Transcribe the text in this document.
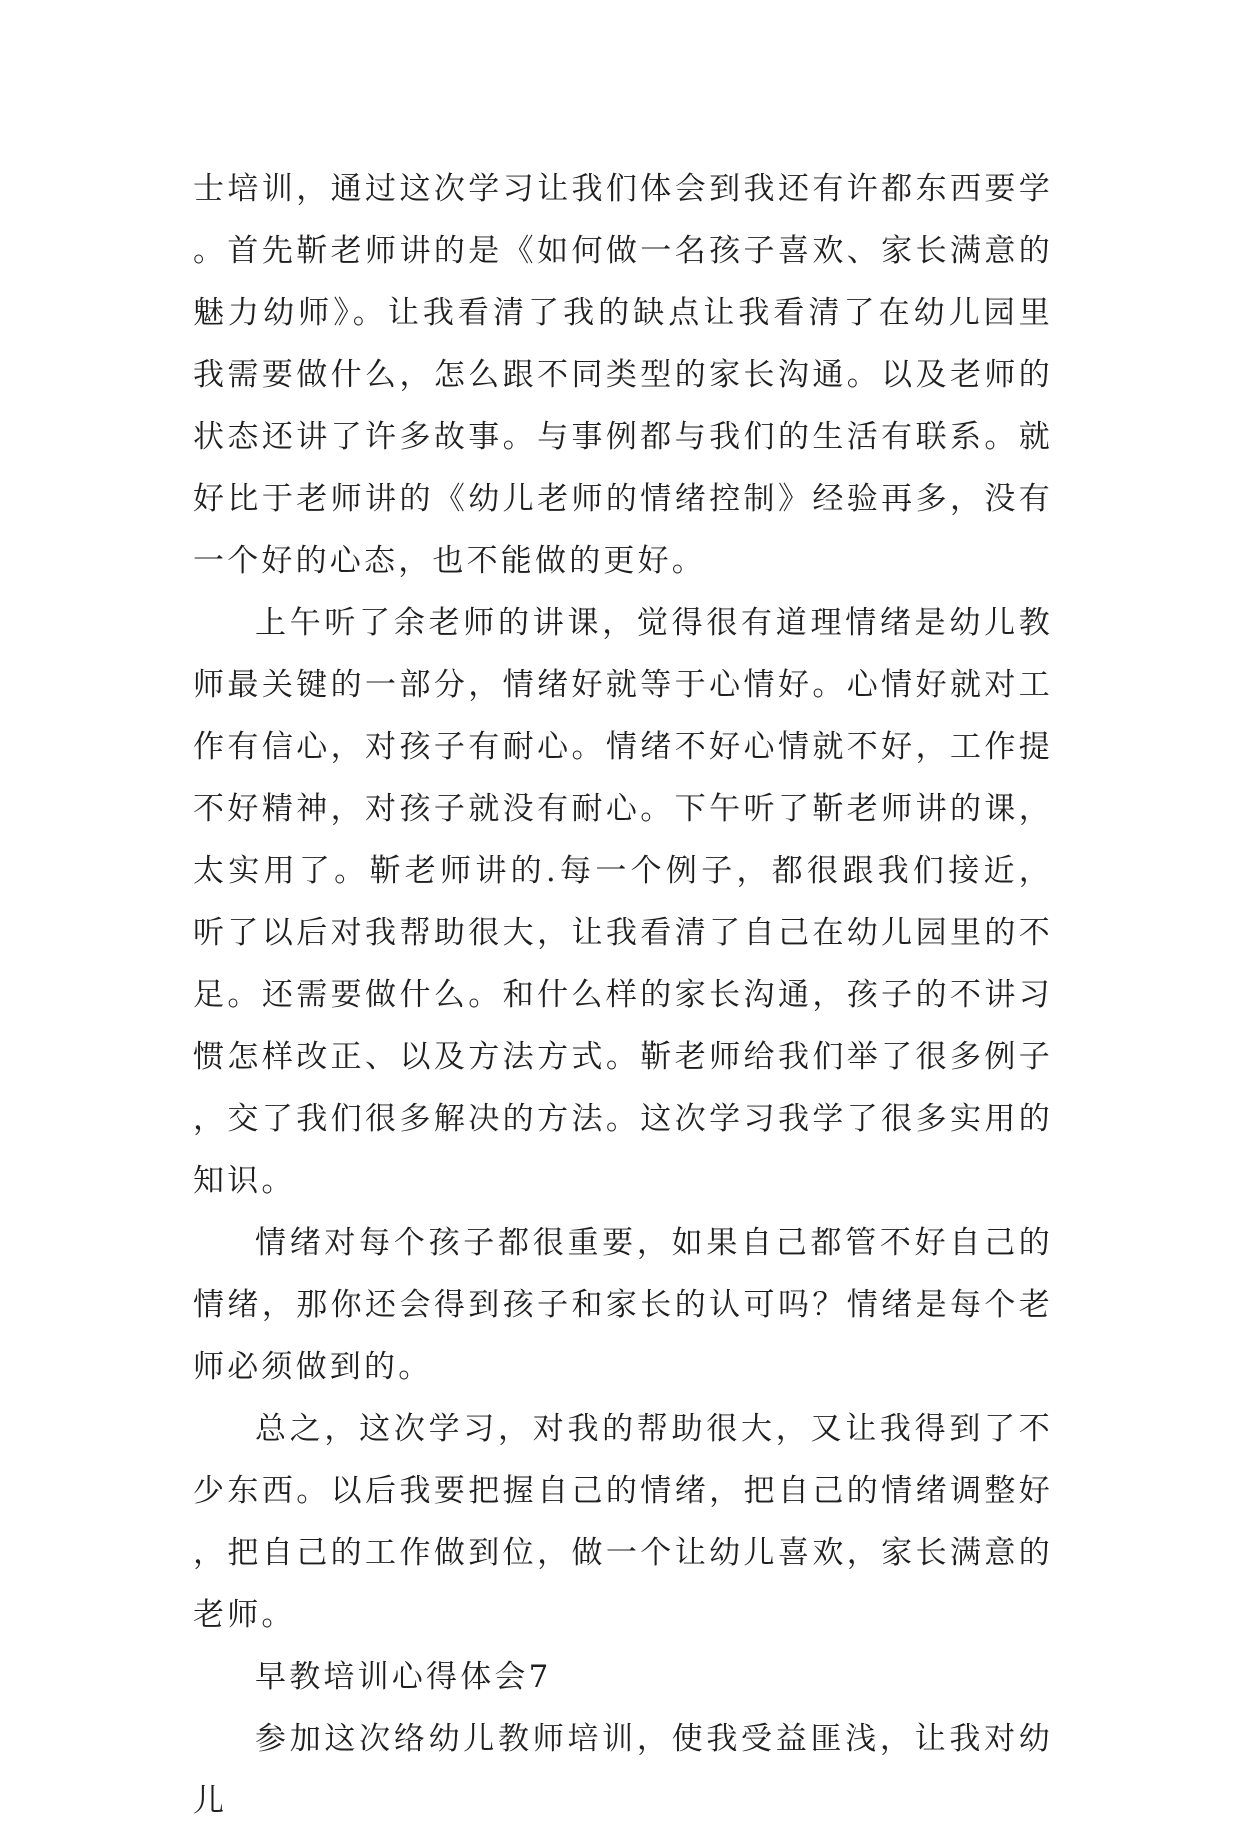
士培训，通过这次学习让我们体会到我还有许都东西要学。首先靳老师讲的是《如何做一名孩子喜欢、家长满意的魅力幼师》。让我看清了我的缺点让我看清了在幼儿园里我需要做什么，怎么跟不同类型的家长沟通。以及老师的状态还讲了许多故事。与事例都与我们的生活有联系。就好比于老师讲的《幼儿老师的情绪控制》经验再多，没有一个好的心态，也不能做的更好。

上午听了余老师的讲课，觉得很有道理情绪是幼儿教师最关键的一部分，情绪好就等于心情好。心情好就对工作有信心，对孩子有耐心。情绪不好心情就不好，工作提不好精神，对孩子就没有耐心。下午听了靳老师讲的课，太实用了。靳老师讲的.每一个例子，都很跟我们接近，听了以后对我帮助很大，让我看清了自己在幼儿园里的不足。还需要做什么。和什么样的家长沟通，孩子的不讲习惯怎样改正、以及方法方式。靳老师给我们举了很多例子，交了我们很多解决的方法。这次学习我学了很多实用的知识。

情绪对每个孩子都很重要，如果自己都管不好自己的情绪，那你还会得到孩子和家长的认可吗？情绪是每个老师必须做到的。

总之，这次学习，对我的帮助很大，又让我得到了不少东西。以后我要把握自己的情绪，把自己的情绪调整好，把自己的工作做到位，做一个让幼儿喜欢，家长满意的老师。

早教培训心得体会7

参加这次络幼儿教师培训，使我受益匪浅，让我对幼儿
